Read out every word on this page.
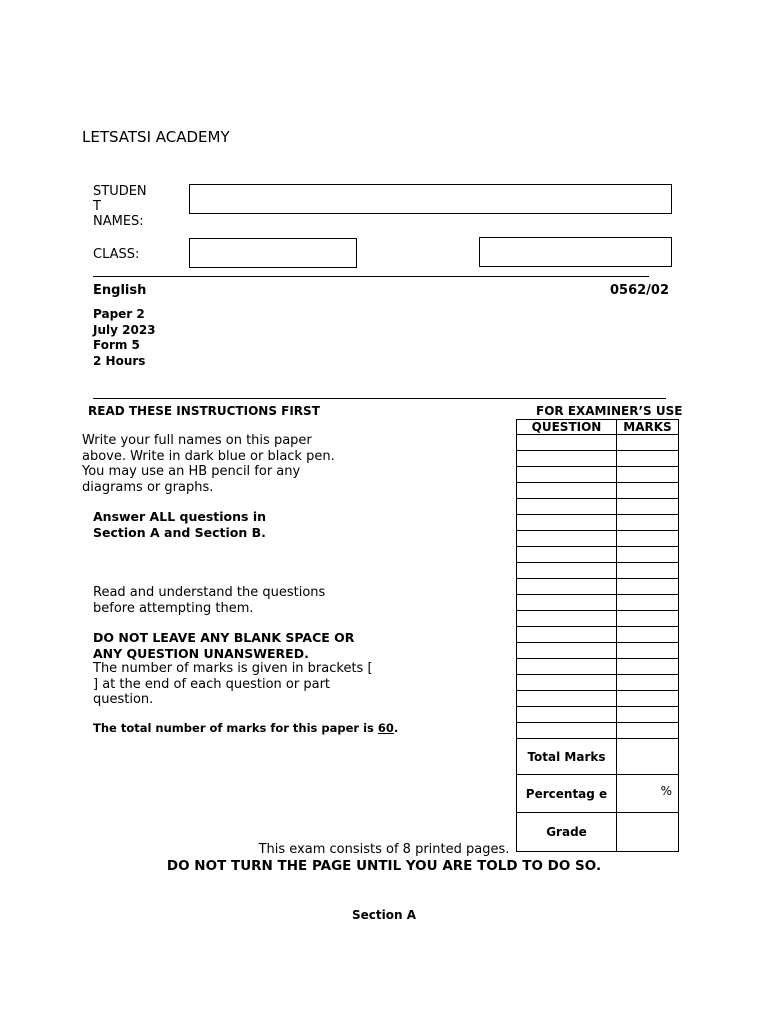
LETSATSI ACADEMY
STUDEN
T
NAMES:
CLASS:
English	0562/02
Paper 2
July 2023
Form 5
2 Hours
READ THESE INSTRUCTIONS FIRST
Write your full names on this paper above. Write in dark blue or black pen. You may use an HB pencil for any diagrams or graphs.
Answer ALL questions in Section A and Section B.
Read and understand the questions before attempting them.
DO NOT LEAVE ANY BLANK SPACE OR ANY QUESTION UNANSWERED.
The number of marks is given in brackets [ ] at the end of each question or part question.
The total number of marks for this paper is 60.
FOR EXAMINER’S USE
QUESTION	MARKS

Total Marks	
Percentag e	%
Grade	
This exam consists of 8 printed pages.
DO NOT TURN THE PAGE UNTIL YOU ARE TOLD TO DO SO.
Section A
